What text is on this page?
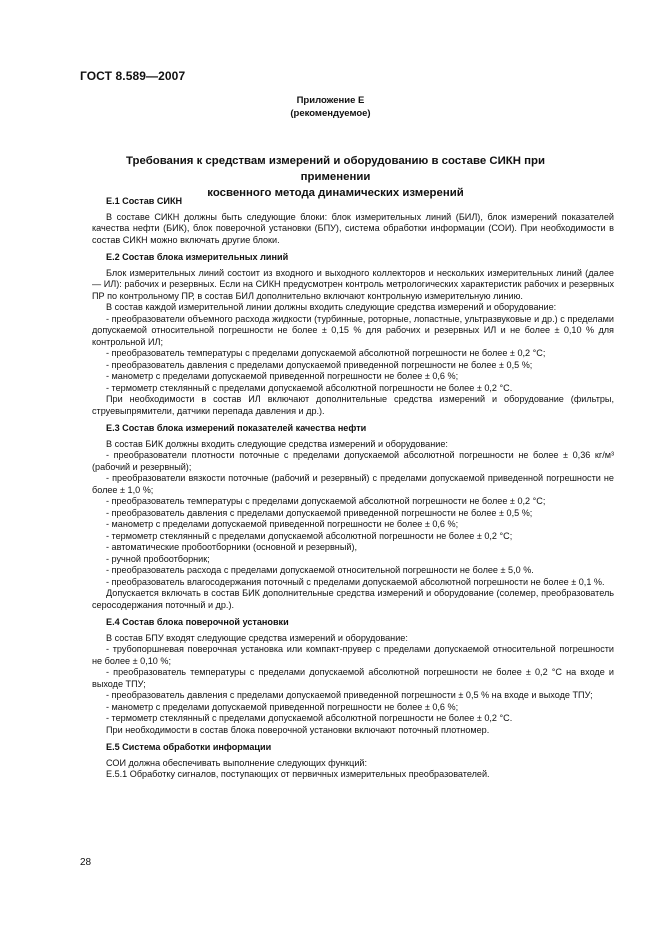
ГОСТ 8.589—2007
Приложение Е
(рекомендуемое)
Требования к средствам измерений и оборудованию в составе СИКН при применении
косвенного метода динамических измерений
Е.1 Состав СИКН

В составе СИКН должны быть следующие блоки: блок измерительных линий (БИЛ), блок измерений показателей качества нефти (БИК), блок поверочной установки (БПУ), система обработки информации (СОИ). При необходимости в состав СИКН можно включать другие блоки.

Е.2 Состав блока измерительных линий

Блок измерительных линий состоит из входного и выходного коллекторов и нескольких измерительных линий (далее — ИЛ): рабочих и резервных. Если на СИКН предусмотрен контроль метрологических характеристик рабочих и резервных ПР по контрольному ПР, в состав БИЛ дополнительно включают контрольную измерительную линию.

В состав каждой измерительной линии должны входить следующие средства измерений и оборудование:

- преобразователи объемного расхода жидкости (турбинные, роторные, лопастные, ультразвуковые и др.) с пределами допускаемой относительной погрешности не более ± 0,15 % для рабочих и резервных ИЛ и не более ± 0,10 % для контрольной ИЛ;

- преобразователь температуры с пределами допускаемой абсолютной погрешности не более ± 0,2 °С;

- преобразователь давления с пределами допускаемой приведенной погрешности не более ± 0,5 %;

- манометр с пределами допускаемой приведенной погрешности не более ± 0,6 %;

- термометр стеклянный с пределами допускаемой абсолютной погрешности не более ± 0,2 °С.

При необходимости в состав ИЛ включают дополнительные средства измерений и оборудование (фильтры, струевыпрямители, датчики перепада давления и др.).

Е.3 Состав блока измерений показателей качества нефти

В состав БИК должны входить следующие средства измерений и оборудование:

- преобразователи плотности поточные с пределами допускаемой абсолютной погрешности не более ± 0,36 кг/м³ (рабочий и резервный);

- преобразователи вязкости поточные (рабочий и резервный) с пределами допускаемой приведенной погрешности не более ± 1,0 %;

- преобразователь температуры с пределами допускаемой абсолютной погрешности не более ± 0,2 °С;

- преобразователь давления с пределами допускаемой приведенной погрешности не более ± 0,5 %;

- манометр с пределами допускаемой приведенной погрешности не более ± 0,6 %;

- термометр стеклянный с пределами допускаемой абсолютной погрешности не более ± 0,2 °С;

- автоматические пробоотборники (основной и резервный),

- ручной пробоотборник;

- преобразователь расхода с пределами допускаемой относительной погрешности не более ± 5,0 %.

- преобразователь влагосодержания поточный с пределами допускаемой абсолютной погрешности не более ± 0,1 %.

Допускается включать в состав БИК дополнительные средства измерений и оборудование (солемер, преобразователь серосодержания поточный и др.).

Е.4 Состав блока поверочной установки

В состав БПУ входят следующие средства измерений и оборудование:

- трубопоршневая поверочная установка или компакт-прувер с пределами допускаемой относительной погрешности не более ± 0,10 %;

- преобразователь температуры с пределами допускаемой абсолютной погрешности не более ± 0,2 °С на входе и выходе ТПУ;

- преобразователь давления с пределами допускаемой приведенной погрешности ± 0,5 % на входе и выходе ТПУ;

- манометр с пределами допускаемой приведенной погрешности не более ± 0,6 %;

- термометр стеклянный с пределами допускаемой абсолютной погрешности не более ± 0,2 °С.

При необходимости в состав блока поверочной установки включают поточный плотномер.

Е.5 Система обработки информации

СОИ должна обеспечивать выполнение следующих функций:

Е.5.1 Обработку сигналов, поступающих от первичных измерительных преобразователей.

28
